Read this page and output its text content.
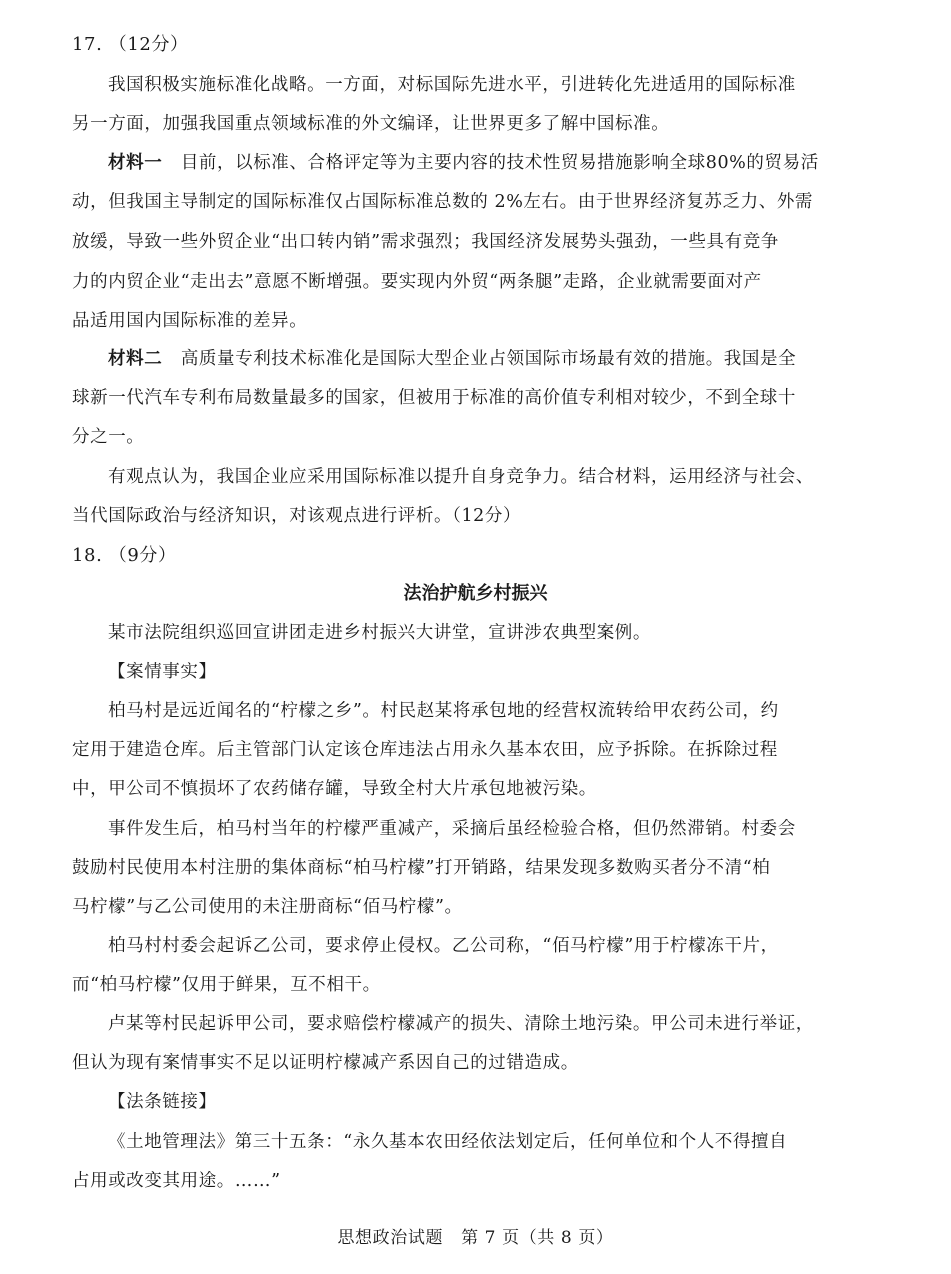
17. （12分）
我国积极实施标准化战略。一方面，对标国际先进水平，引进转化先进适用的国际标准
另一方面，加强我国重点领域标准的外文编译，让世界更多了解中国标准。
材料一 目前，以标准、合格评定等为主要内容的技术性贸易措施影响全球80%的贸易活
动，但我国主导制定的国际标准仅占国际标准总数的 2%左右。由于世界经济复苏乏力、外需
放缓，导致一些外贸企业“出口转内销”需求强烈；我国经济发展势头强劲，一些具有竞争
力的内贸企业“走出去”意愿不断增强。要实现内外贸“两条腿”走路，企业就需要面对产
品适用国内国际标准的差异。
材料二 高质量专利技术标准化是国际大型企业占领国际市场最有效的措施。我国是全
球新一代汽车专利布局数量最多的国家，但被用于标准的高价值专利相对较少，不到全球十
分之一。
有观点认为，我国企业应采用国际标准以提升自身竞争力。结合材料，运用经济与社会、
当代国际政治与经济知识，对该观点进行评析。（12分）
18. （9分）
法治护航乡村振兴
某市法院组织巡回宣讲团走进乡村振兴大讲堂，宣讲涉农典型案例。
【案情事实】
柏马村是远近闻名的“柠檬之乡”。村民赵某将承包地的经营权流转给甲农药公司，约
定用于建造仓库。后主管部门认定该仓库违法占用永久基本农田，应予拆除。在拆除过程
中，甲公司不慎损坏了农药储存罐，导致全村大片承包地被污染。
事件发生后，柏马村当年的柠檬严重减产，采摘后虽经检验合格，但仍然滞销。村委会
鼓励村民使用本村注册的集体商标“柏马柠檬”打开销路，结果发现多数购买者分不清“柏
马柠檬”与乙公司使用的未注册商标“佰马柠檬”。
柏马村村委会起诉乙公司，要求停止侵权。乙公司称，“佰马柠檬”用于柠檬冻干片，
而“柏马柠檬”仅用于鲜果，互不相干。
卢某等村民起诉甲公司，要求赔偿柠檬减产的损失、清除土地污染。甲公司未进行举证，
但认为现有案情事实不足以证明柠檬减产系因自己的过错造成。
【法条链接】
《土地管理法》第三十五条：“永久基本农田经依法划定后，任何单位和个人不得擅自
占用或改变其用途。……”
思想政治试题 第 7 页（共 8 页）
